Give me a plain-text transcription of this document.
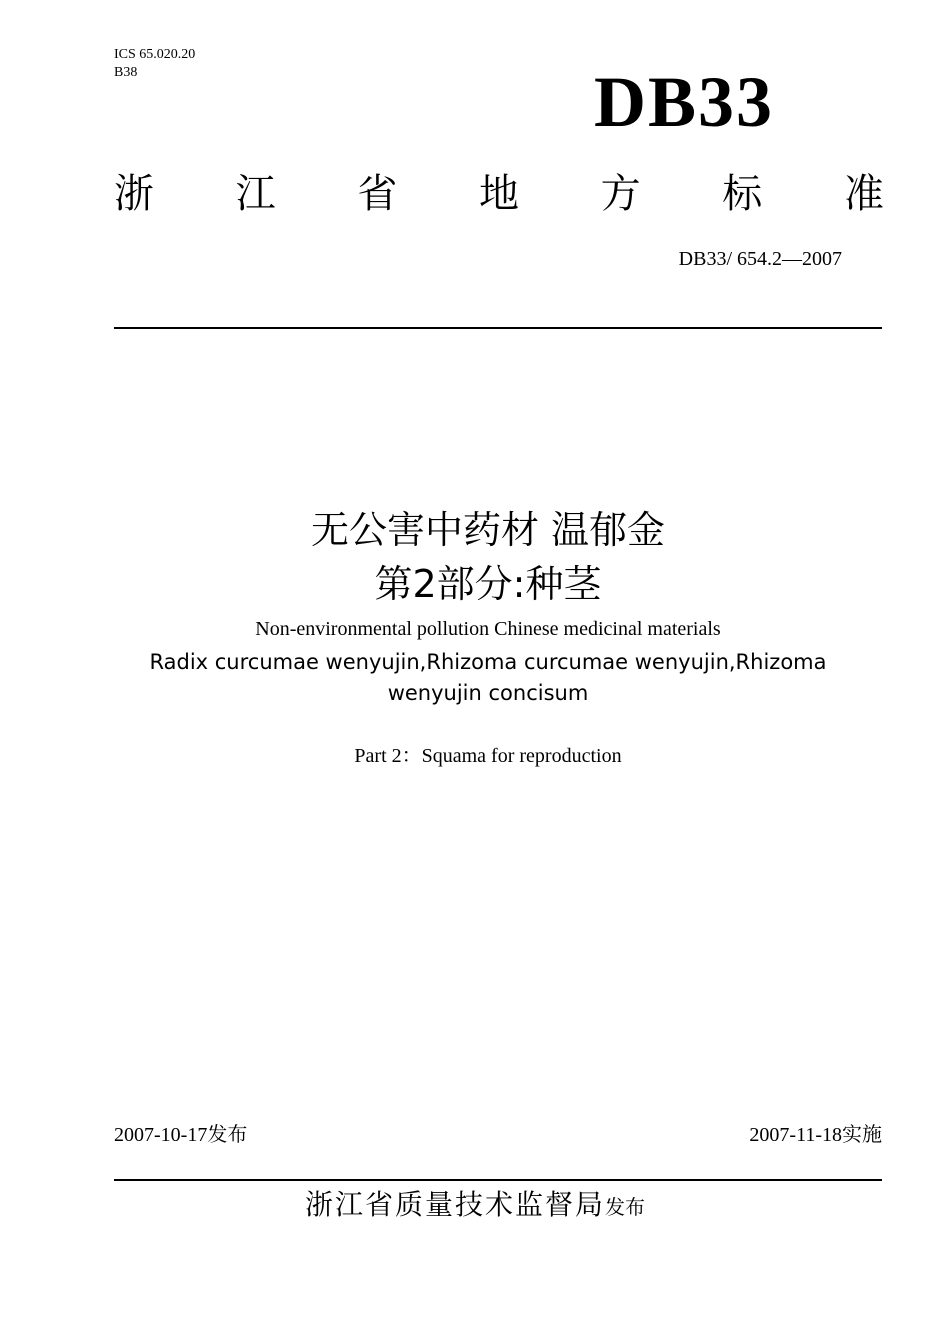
ICS 65.020.20
B38	DB33
浙 江 省 地 方 标 准
DB33/ 654.2—2007
无公害中药材 温郁金
第2部分:种茎
Non-environmental pollution Chinese medicinal materials
Radix curcumae wenyujin,Rhizoma curcumae wenyujin,Rhizoma
wenyujin concisum
Part 2：Squama for reproduction
2007-10-17发布	2007-11-18实施
浙江省质量技术监督局发布
